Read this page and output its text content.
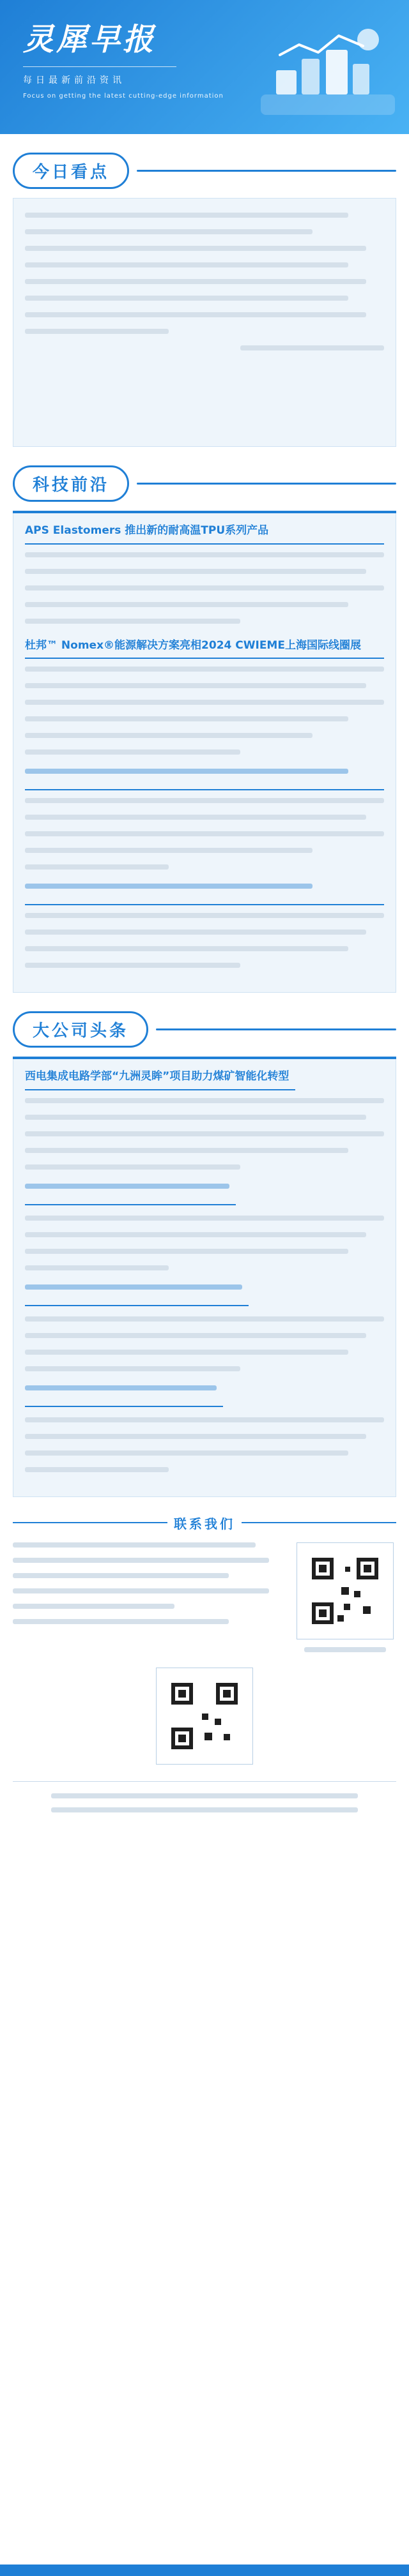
灵犀早报
每日最新前沿资讯
Focus on getting the latest cutting-edge information
今日看点
科技前沿
APS Elastomers 推出新的耐高温TPU系列产品
杜邦™ Nomex®能源解决方案亮相2024 CWIEME上海国际线圈展
大公司头条
西电集成电路学部“九洲灵眸”项目助力煤矿智能化转型
联系我们
